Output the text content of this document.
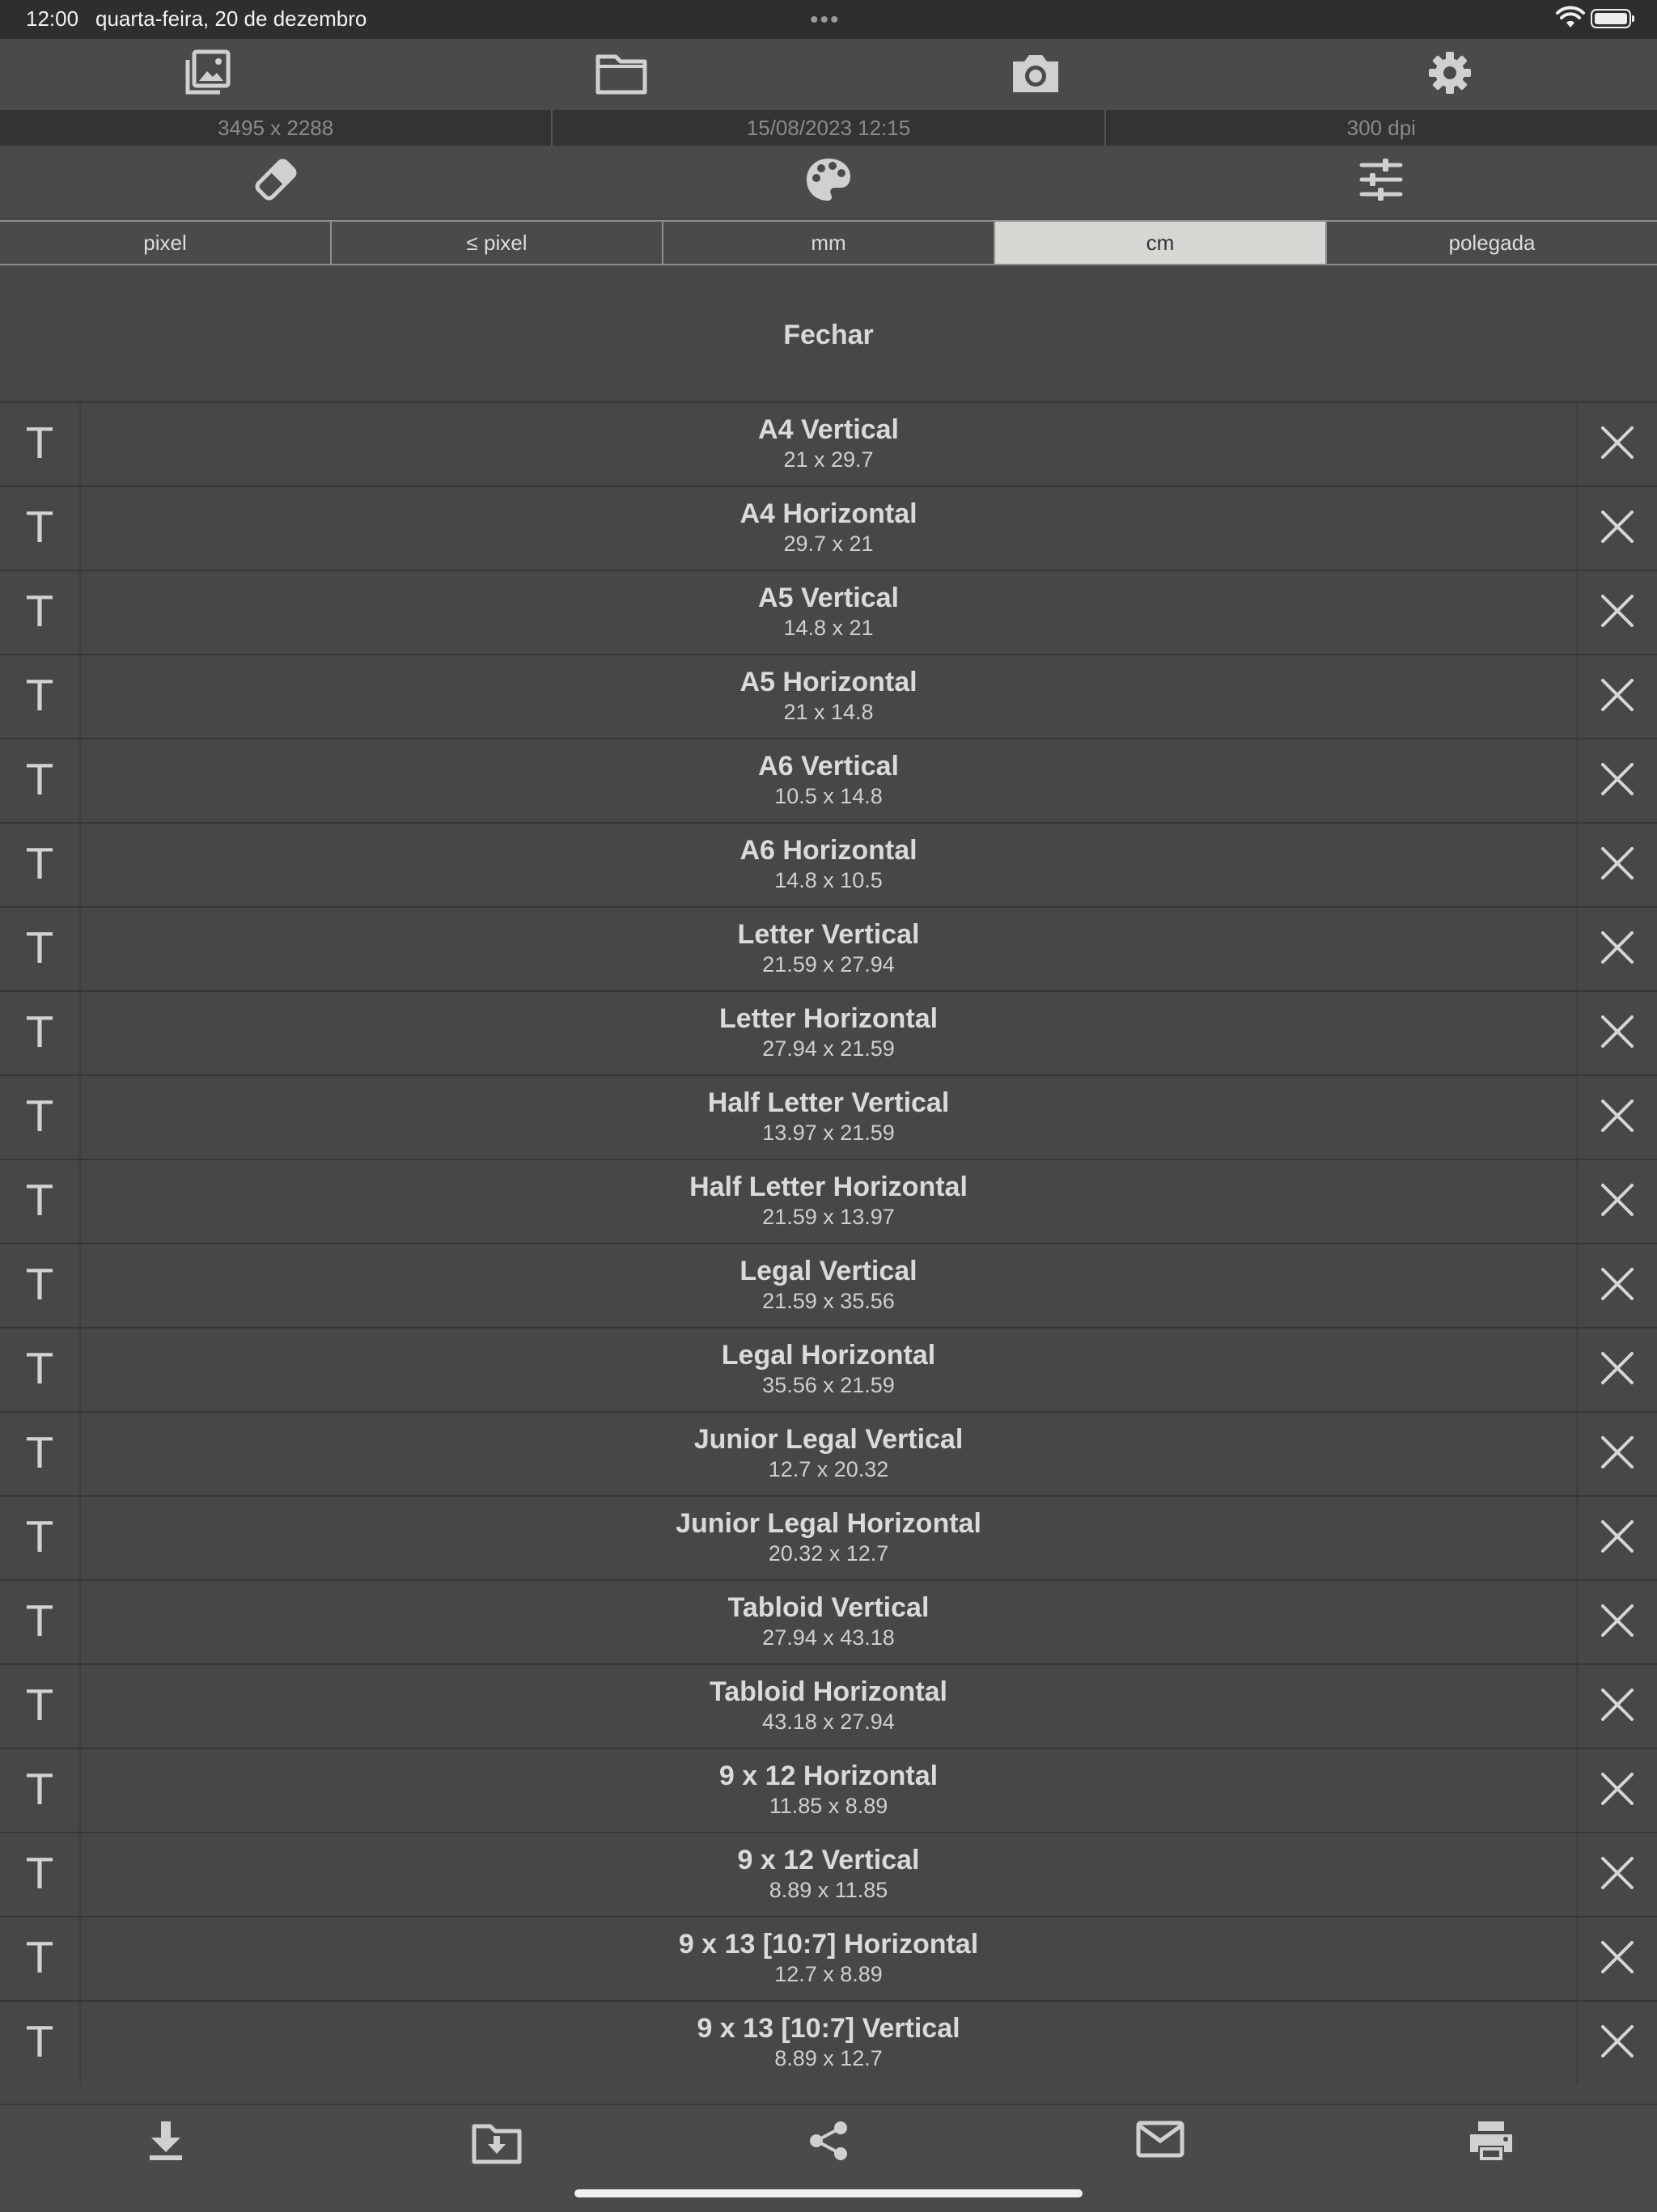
12:00 quarta-feira, 20 de dezembro	•••
3495 x 2288	15/08/2023 12:15	300 dpi
pixel	≤ pixel	mm	cm	polegada
Fechar
T	A4 Vertical
21 x 29.7
T	A4 Horizontal
29.7 x 21
T	A5 Vertical
14.8 x 21
T	A5 Horizontal
21 x 14.8
T	A6 Vertical
10.5 x 14.8
T	A6 Horizontal
14.8 x 10.5
T	Letter Vertical
21.59 x 27.94
T	Letter Horizontal
27.94 x 21.59
T	Half Letter Vertical
13.97 x 21.59
T	Half Letter Horizontal
21.59 x 13.97
T	Legal Vertical
21.59 x 35.56
T	Legal Horizontal
35.56 x 21.59
T	Junior Legal Vertical
12.7 x 20.32
T	Junior Legal Horizontal
20.32 x 12.7
T	Tabloid Vertical
27.94 x 43.18
T	Tabloid Horizontal
43.18 x 27.94
T	9 x 12 Horizontal
11.85 x 8.89
T	9 x 12 Vertical
8.89 x 11.85
T	9 x 13 [10:7] Horizontal
12.7 x 8.89
T	9 x 13 [10:7] Vertical
8.89 x 12.7
